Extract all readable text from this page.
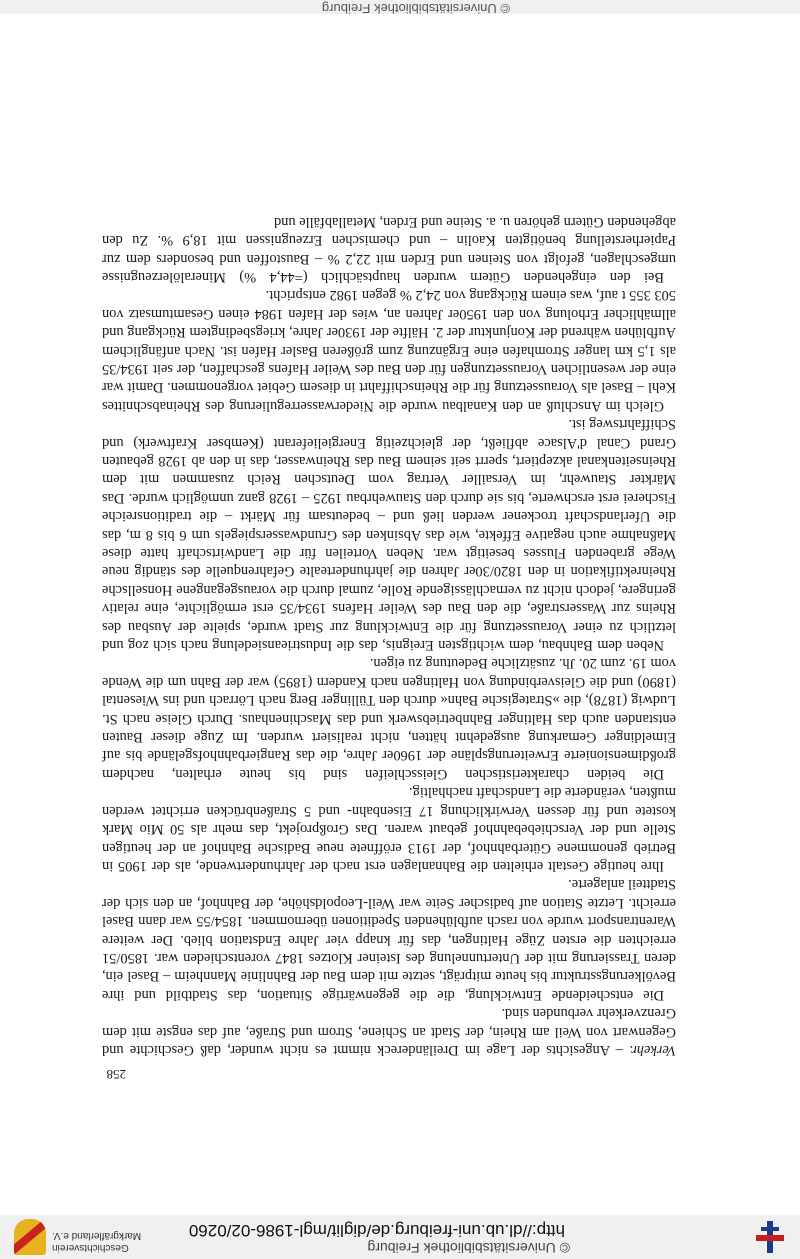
© Universitätsbibliothek Freiburg
http://dl.ub.uni-freiburg.de/diglit/mgl-1986-02/0260
Geschichtsverein
Markgräflerland e.V.
258

Verkehr. – Angesichts der Lage im Dreiländereck nimmt es nicht wunder, daß Geschichte und Gegenwart von Weil am Rhein, der Stadt an Schiene, Strom und Straße, auf das engste mit dem Grenzverkehr verbunden sind.

Die entscheidende Entwicklung, die die gegenwärtige Situation, das Stadtbild und ihre Bevölkerungsstruktur bis heute mitprägt, setzte mit dem Bau der Bahnlinie Mannheim – Basel ein, deren Trassierung mit der Untertunnelung des Isteiner Klotzes 1847 vorentschieden war. 1850/51 erreichten die ersten Züge Haltingen, das für knapp vier Jahre Endstation blieb. Der weitere Warentransport wurde von rasch aufblühenden Speditionen übernommen. 1854/55 war dann Basel erreicht. Letzte Station auf badischer Seite war Weil-Leopoldshöhe, der Bahnhof, an den sich der Stadtteil anlagerte.

Ihre heutige Gestalt erhielten die Bahnanlagen erst nach der Jahrhundertwende, als der 1905 in Betrieb genommene Güterbahnhof, der 1913 eröffnete neue Badische Bahnhof an der heutigen Stelle und der Verschiebebahnhof gebaut waren. Das Großprojekt, das mehr als 50 Mio Mark kostete und für dessen Verwirklichung 17 Eisenbahn- und 5 Straßenbrücken errichtet werden mußten, veränderte die Landschaft nachhaltig.

Die beiden charakteristischen Gleisschleifen sind bis heute erhalten, nachdem großdimensionierte Erweiterungspläne der 1960er Jahre, die das Rangierbahnhofsgelände bis auf Eimeldinger Gemarkung ausgedehnt hätten, nicht realisiert wurden. Im Zuge dieser Bauten entstanden auch das Haltinger Bahnbetriebswerk und das Maschinenhaus. Durch Gleise nach St. Ludwig (1878), die »Strategische Bahn« durch den Tüllinger Berg nach Lörrach und ins Wiesental (1890) und die Gleisverbindung von Haltingen nach Kandern (1895) war der Bahn um die Wende vom 19. zum 20. Jh. zusätzliche Bedeutung zu eigen.

Neben dem Bahnbau, dem wichtigsten Ereignis, das die Industrieansiedelung nach sich zog und letztlich zu einer Voraussetzung für die Entwicklung zur Stadt wurde, spielte der Ausbau des Rheins zur Wasserstraße, die den Bau des Weiler Hafens 1934/35 erst ermöglichte, eine relativ geringere, jedoch nicht zu vernachlässigende Rolle, zumal durch die vorausgegangene Honsellsche Rheinrektifikation in den 1820/30er Jahren die jahrhundertealte Gefahrenquelle des ständig neue Wege grabenden Flusses beseitigt war. Neben Vorteilen für die Landwirtschaft hatte diese Maßnahme auch negative Effekte, wie das Absinken des Grundwasserspiegels um 6 bis 8 m, das die Uferlandschaft trockener werden ließ und – bedeutsam für Märkt – die traditionsreiche Fischerei erst erschwerte, bis sie durch den Stauwehrbau 1925 – 1928 ganz unmöglich wurde. Das Märkter Stauwehr, im Versailler Vertrag vom Deutschen Reich zusammen mit dem Rheinseitenkanal akzeptiert, sperrt seit seinem Bau das Rheinwasser, das in den ab 1928 gebauten Grand Canal d'Alsace abfließt, der gleichzeitig Energielieferant (Kembser Kraftwerk) und Schiffahrtsweg ist.

Gleich im Anschluß an den Kanalbau wurde die Niederwasserregulierung des Rheinabschnittes Kehl – Basel als Voraussetzung für die Rheinschiffahrt in diesem Gebiet vorgenommen. Damit war eine der wesentlichen Voraussetzungen für den Bau des Weiler Hafens geschaffen, der seit 1934/35 als 1,5 km langer Stromhafen eine Ergänzung zum größeren Basler Hafen ist. Nach anfänglichem Aufblühen während der Konjunktur der 2. Hälfte der 1930er Jahre, kriegsbedingtem Rückgang und allmählicher Erholung von den 1950er Jahren an, wies der Hafen 1984 einen Gesamtumsatz von 503 355 t auf, was einem Rückgang von 24,2 % gegen 1982 entspricht.

Bei den eingehenden Gütern wurden hauptsächlich (=44,4 %) Mineralölerzeugnisse umgeschlagen, gefolgt von Steinen und Erden mit 22,2 % – Baustoffen und besonders dem zur Papierherstellung benötigten Kaolin – und chemischen Erzeugnissen mit 18,9 %. Zu den abgehenden Gütern gehören u. a. Steine und Erden, Metallabfälle und

© Universitätsbibliothek Freiburg
